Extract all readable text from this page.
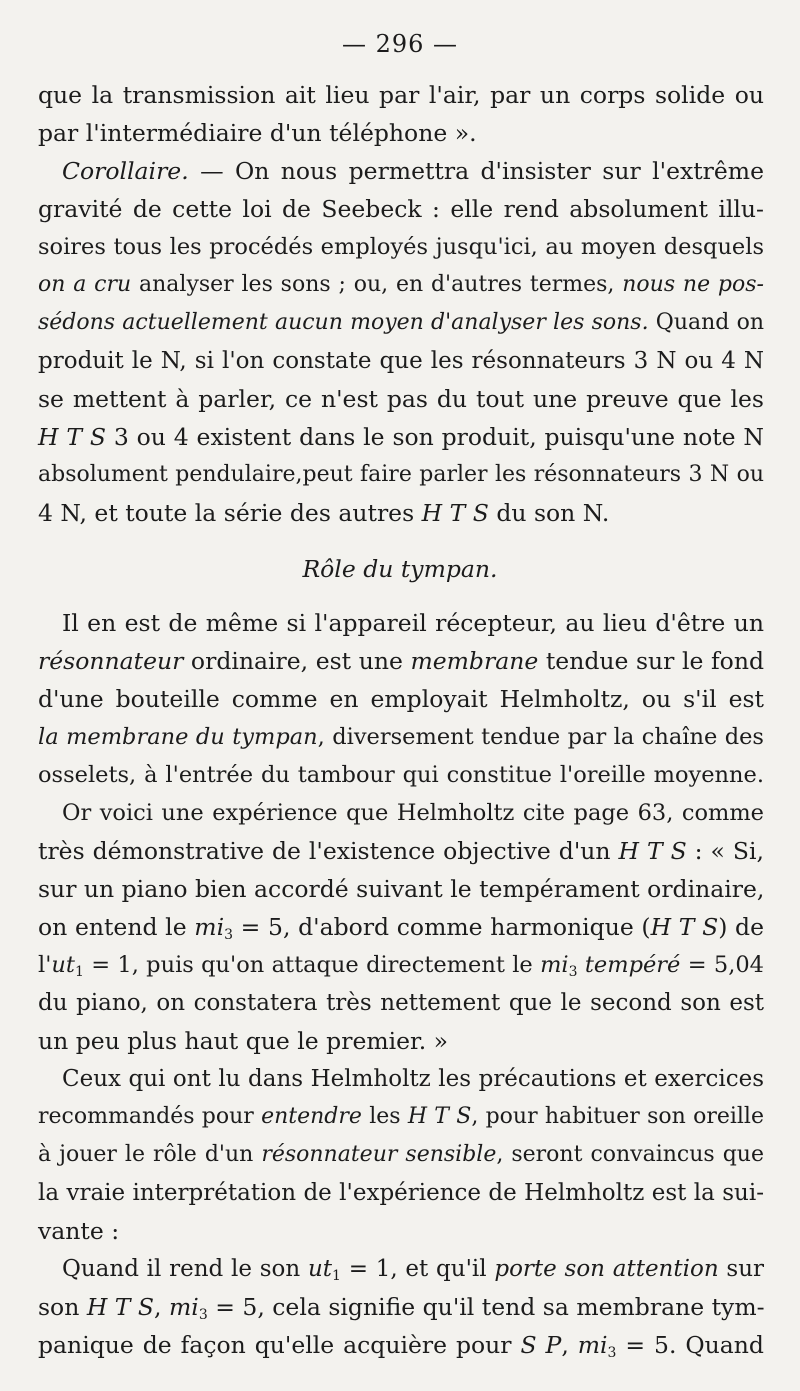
— 296 —
que la transmission ait lieu par l'air, par un corps solide ou
par l'intermédiaire d'un téléphone ».
Corollaire. — On nous permettra d'insister sur l'extrême
gravité de cette loi de Seebeck : elle rend absolument illu-
soires tous les procédés employés jusqu'ici, au moyen desquels
on a cru analyser les sons ; ou, en d'autres termes, nous ne pos-
sédons actuellement aucun moyen d'analyser les sons. Quand on
produit le N, si l'on constate que les résonnateurs 3 N ou 4 N
se mettent à parler, ce n'est pas du tout une preuve que les
H T S 3 ou 4 existent dans le son produit, puisqu'une note N
absolument pendulaire,peut faire parler les résonnateurs 3 N ou
4 N, et toute la série des autres H T S du son N.
Rôle du tympan.
Il en est de même si l'appareil récepteur, au lieu d'être un
résonnateur ordinaire, est une membrane tendue sur le fond
d'une bouteille comme en employait Helmholtz, ou s'il est
la membrane du tympan, diversement tendue par la chaîne des
osselets, à l'entrée du tambour qui constitue l'oreille moyenne.
Or voici une expérience que Helmholtz cite page 63, comme
très démonstrative de l'existence objective d'un H T S : « Si,
sur un piano bien accordé suivant le tempérament ordinaire,
on entend le $mi_3 = 5$, d'abord comme harmonique (H T S) de
$l'ut_1 = 1$, puis qu'on attaque directement le $mi_3$ tempéré = 5,04
du piano, on constatera très nettement que le second son est
un peu plus haut que le premier. »
Ceux qui ont lu dans Helmholtz les précautions et exercices
recommandés pour entendre les H T S, pour habituer son oreille
à jouer le rôle d'un résonnateur sensible, seront convaincus que
la vraie interprétation de l'expérience de Helmholtz est la sui-
vante :
Quand il rend le son $ut_1 = 1$, et qu'il porte son attention sur
son H T S, $mi_3 = 5$, cela signifie qu'il tend sa membrane tym-
panique de façon qu'elle acquière pour S P, $mi_3 = 5$. Quand
